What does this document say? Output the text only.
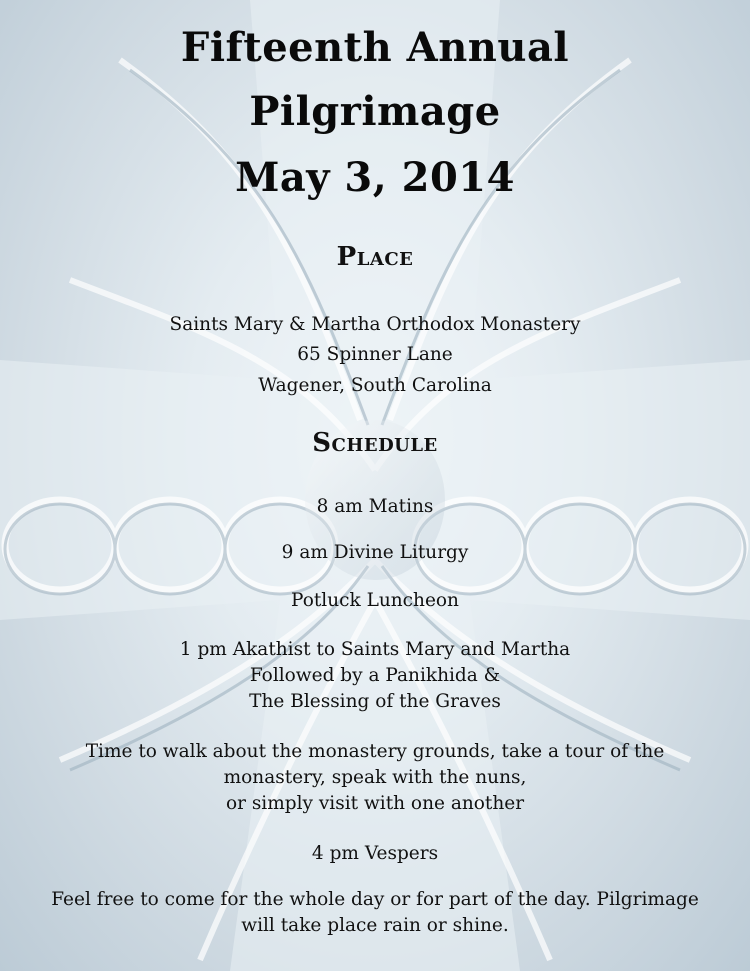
Fifteenth Annual
Pilgrimage
May 3, 2014
Place
Saints Mary & Martha Orthodox Monastery
65 Spinner Lane
Wagener, South Carolina
Schedule
8 am Matins
9 am Divine Liturgy
Potluck Luncheon
1 pm Akathist to Saints Mary and Martha
Followed by a Panikhida &
The Blessing of the Graves
Time to walk about the monastery grounds, take a tour of the
monastery, speak with the nuns,
or simply visit with one another
4 pm Vespers
Feel free to come for the whole day or for part of the day. Pilgrimage
will take place rain or shine.
